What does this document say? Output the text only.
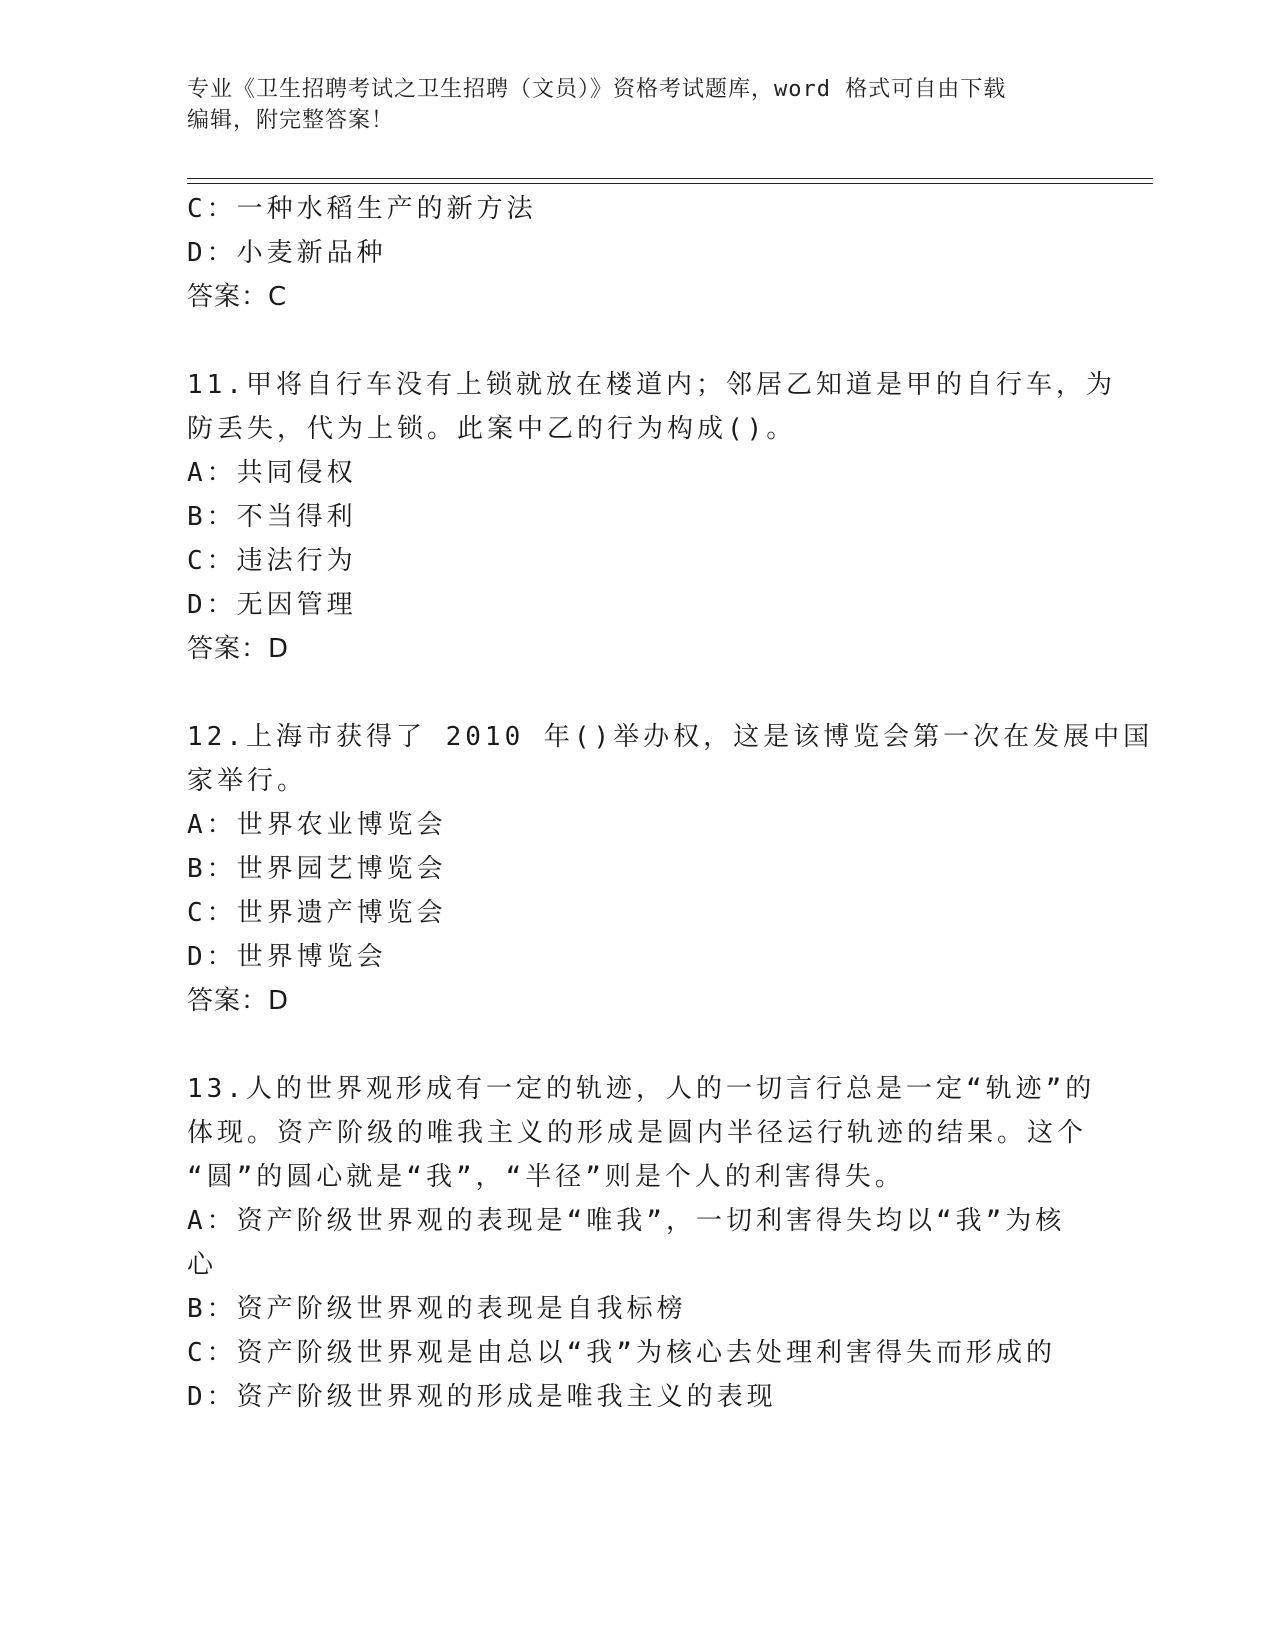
专业《卫生招聘考试之卫生招聘（文员）》资格考试题库，word 格式可自由下载
编辑，附完整答案！
C：一种水稻生产的新方法
D：小麦新品种
答案：C
11.甲将自行车没有上锁就放在楼道内；邻居乙知道是甲的自行车，为
防丢失，代为上锁。此案中乙的行为构成()。
A：共同侵权
B：不当得利
C：违法行为
D：无因管理
答案：D
12.上海市获得了 2010 年()举办权，这是该博览会第一次在发展中国
家举行。
A：世界农业博览会
B：世界园艺博览会
C：世界遗产博览会
D：世界博览会
答案：D
13.人的世界观形成有一定的轨迹，人的一切言行总是一定“轨迹”的
体现。资产阶级的唯我主义的形成是圆内半径运行轨迹的结果。这个
“圆”的圆心就是“我”，“半径”则是个人的利害得失。
A：资产阶级世界观的表现是“唯我”，一切利害得失均以“我”为核
心
B：资产阶级世界观的表现是自我标榜
C：资产阶级世界观是由总以“我”为核心去处理利害得失而形成的
D：资产阶级世界观的形成是唯我主义的表现
